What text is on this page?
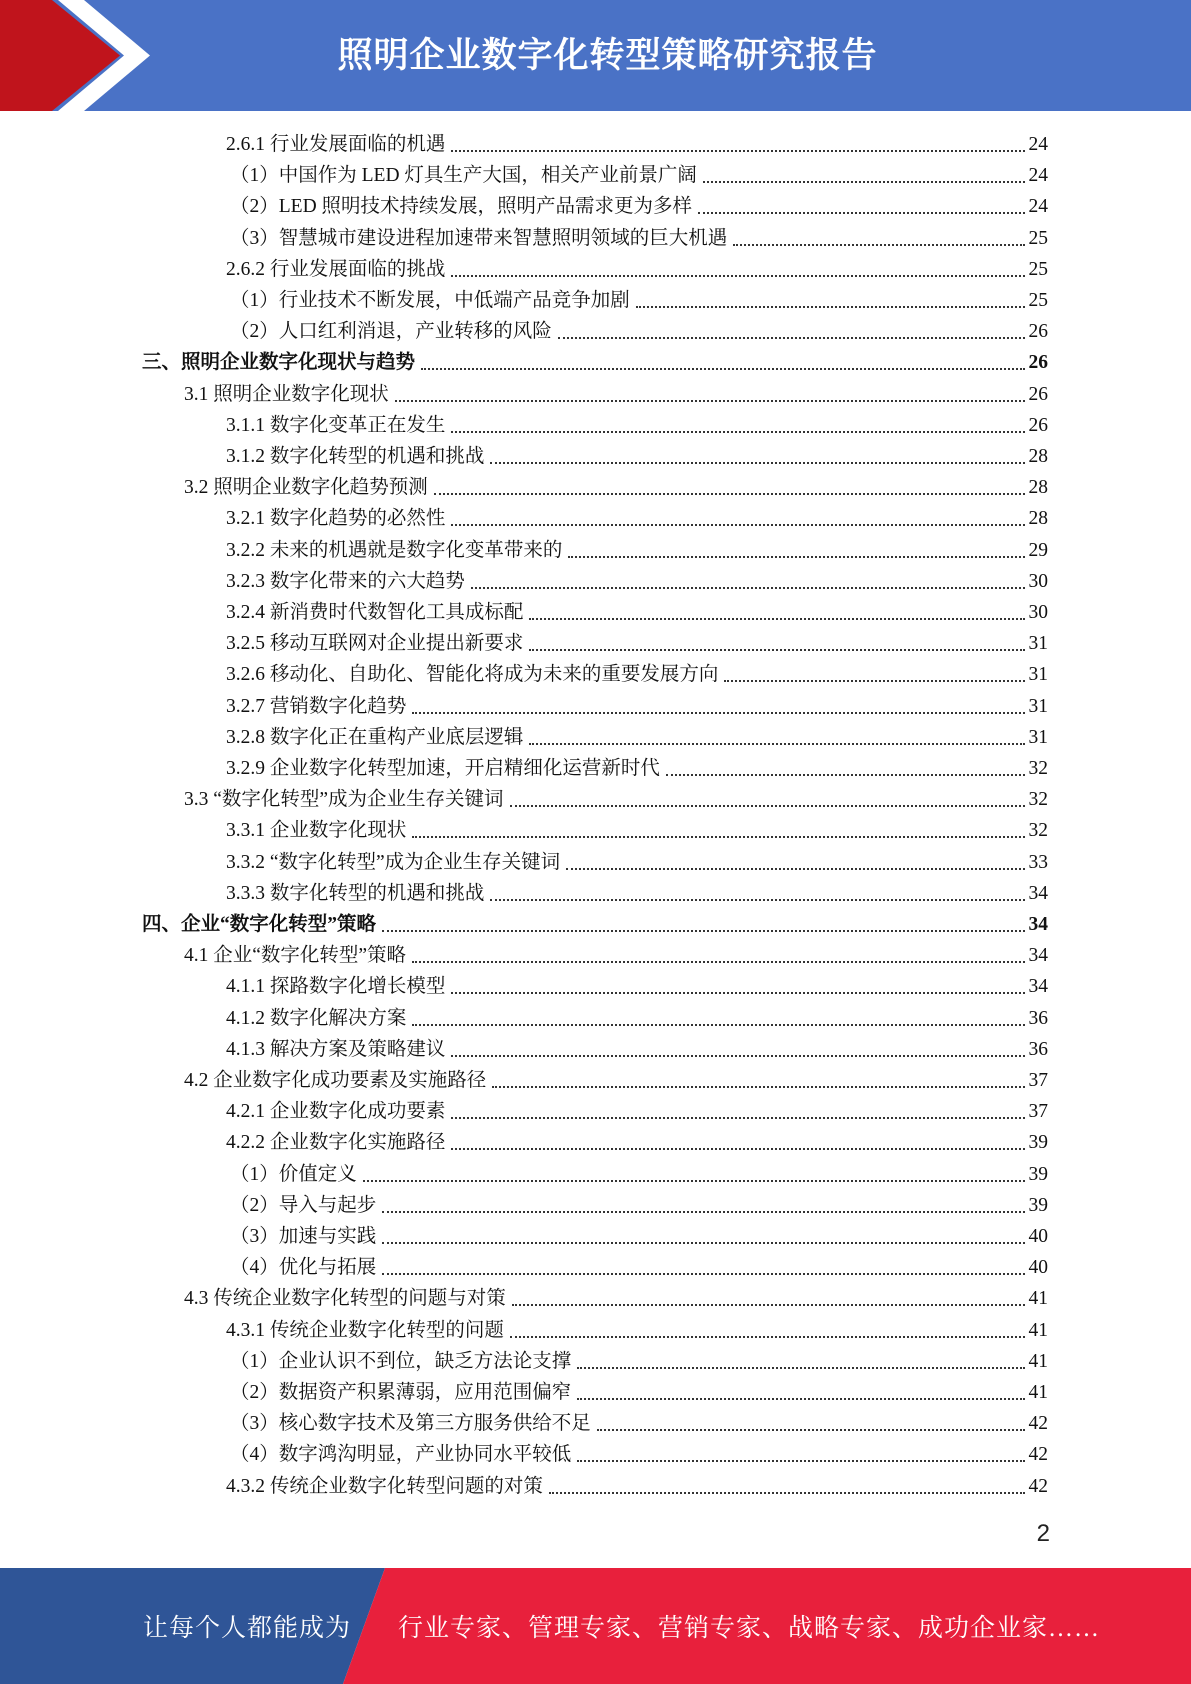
照明企业数字化转型策略研究报告
2.6.1 行业发展面临的机遇	24
（1）中国作为 LED 灯具生产大国，相关产业前景广阔	24
（2）LED 照明技术持续发展，照明产品需求更为多样	24
（3）智慧城市建设进程加速带来智慧照明领域的巨大机遇	25
2.6.2 行业发展面临的挑战	25
（1）行业技术不断发展，中低端产品竞争加剧	25
（2）人口红利消退，产业转移的风险	26
三、照明企业数字化现状与趋势	26
3.1 照明企业数字化现状	26
3.1.1 数字化变革正在发生	26
3.1.2 数字化转型的机遇和挑战	28
3.2 照明企业数字化趋势预测	28
3.2.1 数字化趋势的必然性	28
3.2.2 未来的机遇就是数字化变革带来的	29
3.2.3 数字化带来的六大趋势	30
3.2.4 新消费时代数智化工具成标配	30
3.2.5 移动互联网对企业提出新要求	31
3.2.6 移动化、自助化、智能化将成为未来的重要发展方向	31
3.2.7 营销数字化趋势	31
3.2.8 数字化正在重构产业底层逻辑	31
3.2.9 企业数字化转型加速，开启精细化运营新时代	32
3.3 “数字化转型”成为企业生存关键词	32
3.3.1 企业数字化现状	32
3.3.2 “数字化转型”成为企业生存关键词	33
3.3.3 数字化转型的机遇和挑战	34
四、企业“数字化转型”策略	34
4.1 企业“数字化转型”策略	34
4.1.1 探路数字化增长模型	34
4.1.2 数字化解决方案	36
4.1.3 解决方案及策略建议	36
4.2 企业数字化成功要素及实施路径	37
4.2.1 企业数字化成功要素	37
4.2.2 企业数字化实施路径	39
（1）价值定义	39
（2）导入与起步	39
（3）加速与实践	40
（4）优化与拓展	40
4.3 传统企业数字化转型的问题与对策	41
4.3.1 传统企业数字化转型的问题	41
（1）企业认识不到位，缺乏方法论支撑	41
（2）数据资产积累薄弱，应用范围偏窄	41
（3）核心数字技术及第三方服务供给不足	42
（4）数字鸿沟明显，产业协同水平较低	42
4.3.2 传统企业数字化转型问题的对策	42
2
让每个人都能成为 行业专家、管理专家、营销专家、战略专家、成功企业家……
